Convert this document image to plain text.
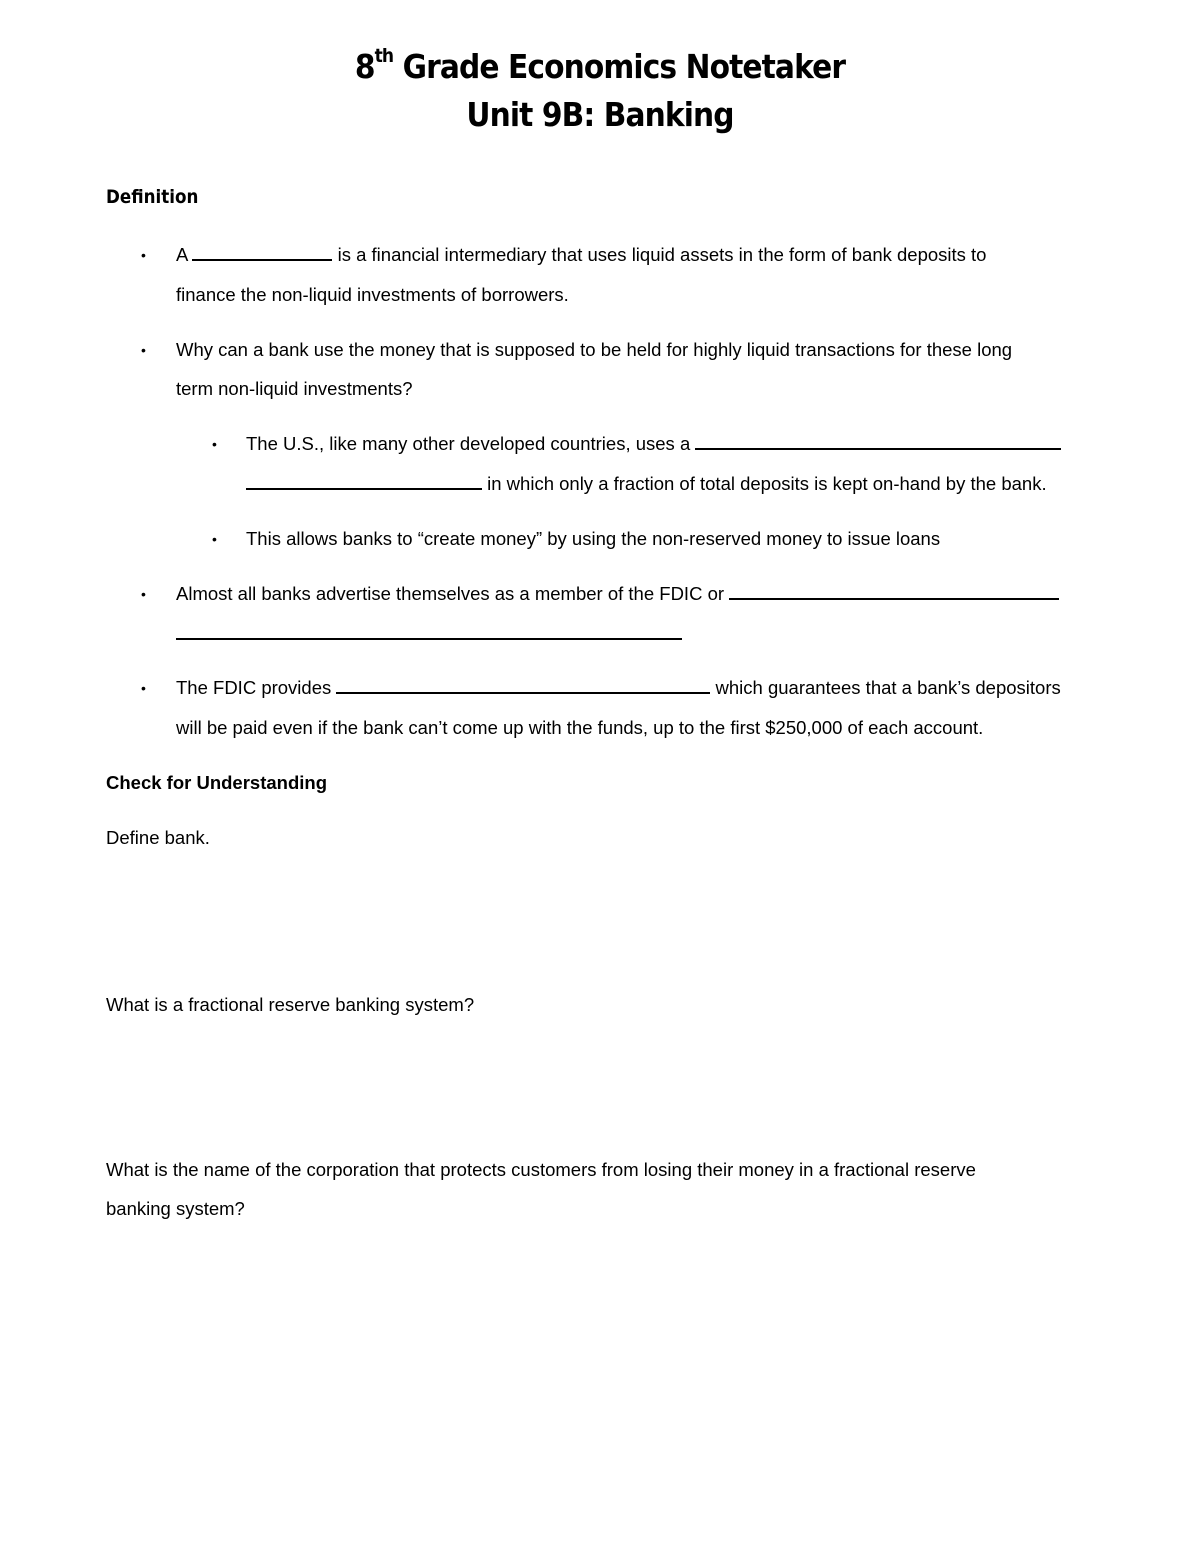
8th Grade Economics Notetaker
Unit 9B: Banking
Definition
• A	is a financial intermediary that uses liquid assets in the form of bank deposits to
finance the non-liquid investments of borrowers.
• Why can a bank use the money that is supposed to be held for highly liquid transactions for these long
term non-liquid investments?
• The U.S., like many other developed countries, uses a
in which only a fraction of total deposits is kept on-hand by the bank.
• This allows banks to “create money” by using the non-reserved money to issue loans
• Almost all banks advertise themselves as a member of the FDIC or
• The FDIC provides	which guarantees that a bank’s depositors
will be paid even if the bank can’t come up with the funds, up to the first $250,000 of each account.
Check for Understanding
Define bank.
What is a fractional reserve banking system?
What is the name of the corporation that protects customers from losing their money in a fractional reserve
banking system?
